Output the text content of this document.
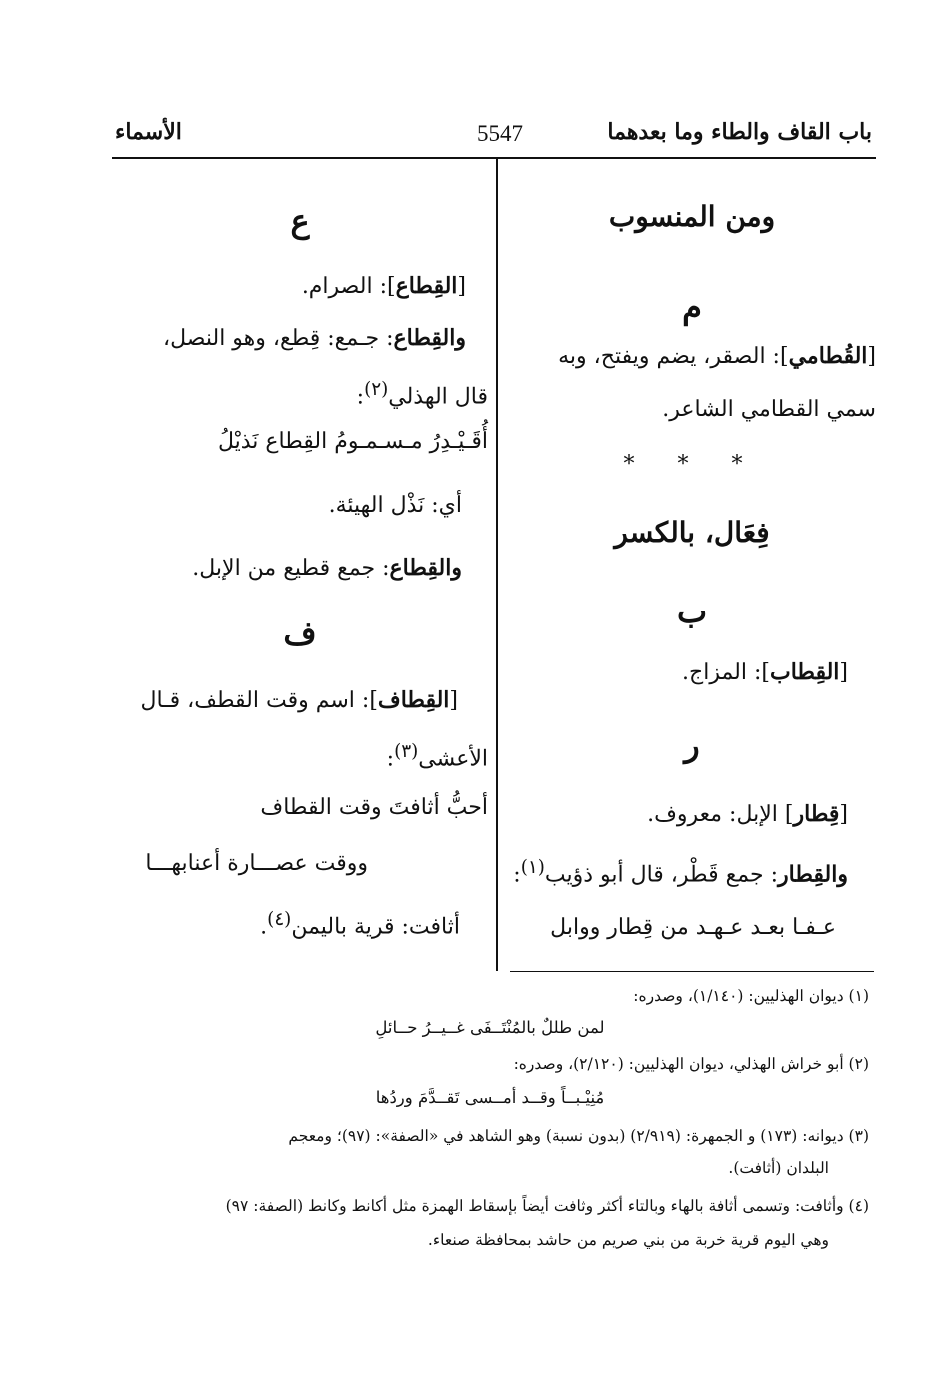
باب القاف والطاء وما بعدهما
5547
الأسماء
ومن المنسوب
م
[القُطامي]: الصقر، يضم ويفتح، وبه
سمي القطامي الشاعر.
* * *
فِعَال، بالكسر
ب
[القِطاب]: المزاج.
ر
[قِطار] الإبل: معروف.
والقِطار: جمع قَطْر، قال أبو ذؤيب$^{(١)}$:
عـفـا بعـد عـهـد من قِطار ووابل
ع
[القِطاع]: الصرام.
والقِطاع: جـمع: قِطع، وهو النصل،
قال الهذلي$^{(٢)}$:
أُقَـيْـدِرُ مـسـمـومُ القِطاع نَذيْلُ
أي: نَذْل الهيئة.
والقِطاع: جمع قطيع من الإبل.
ف
[القِطاف]: اسم وقت القطف، قـال
الأعشى$^{(٣)}$:
أحبُّ أثافتَ وقت القطاف
ووقت عصـــارة أعنابهـــا
أثافت: قرية باليمن$^{(٤)}$.
(١) ديوان الهذليين: (١/١٤٠)، وصدره:
لمن طللٌ بالمُنْتَــفَى غــيــرُ حــائلِ
(٢) أبو خراش الهذلي، ديوان الهذليين: (٢/١٢٠)، وصدره:
مُنِيْـبــاً وقــد أمــسى تَقــدَّمَ وردُها
(٣) ديوانه: (١٧٣) و الجمهرة: (٢/٩١٩) (بدون نسبة) وهو الشاهد في «الصفة»: (٩٧)؛ ومعجم
البلدان (أثافت).
(٤) وأثافت: وتسمى أثافة بالهاء وبالتاء أكثر وثافت أيضاً بإسقاط الهمزة مثل أكانط وكانط (الصفة: ٩٧)
وهي اليوم قرية خربة من بني صريم من حاشد بمحافظة صنعاء.
